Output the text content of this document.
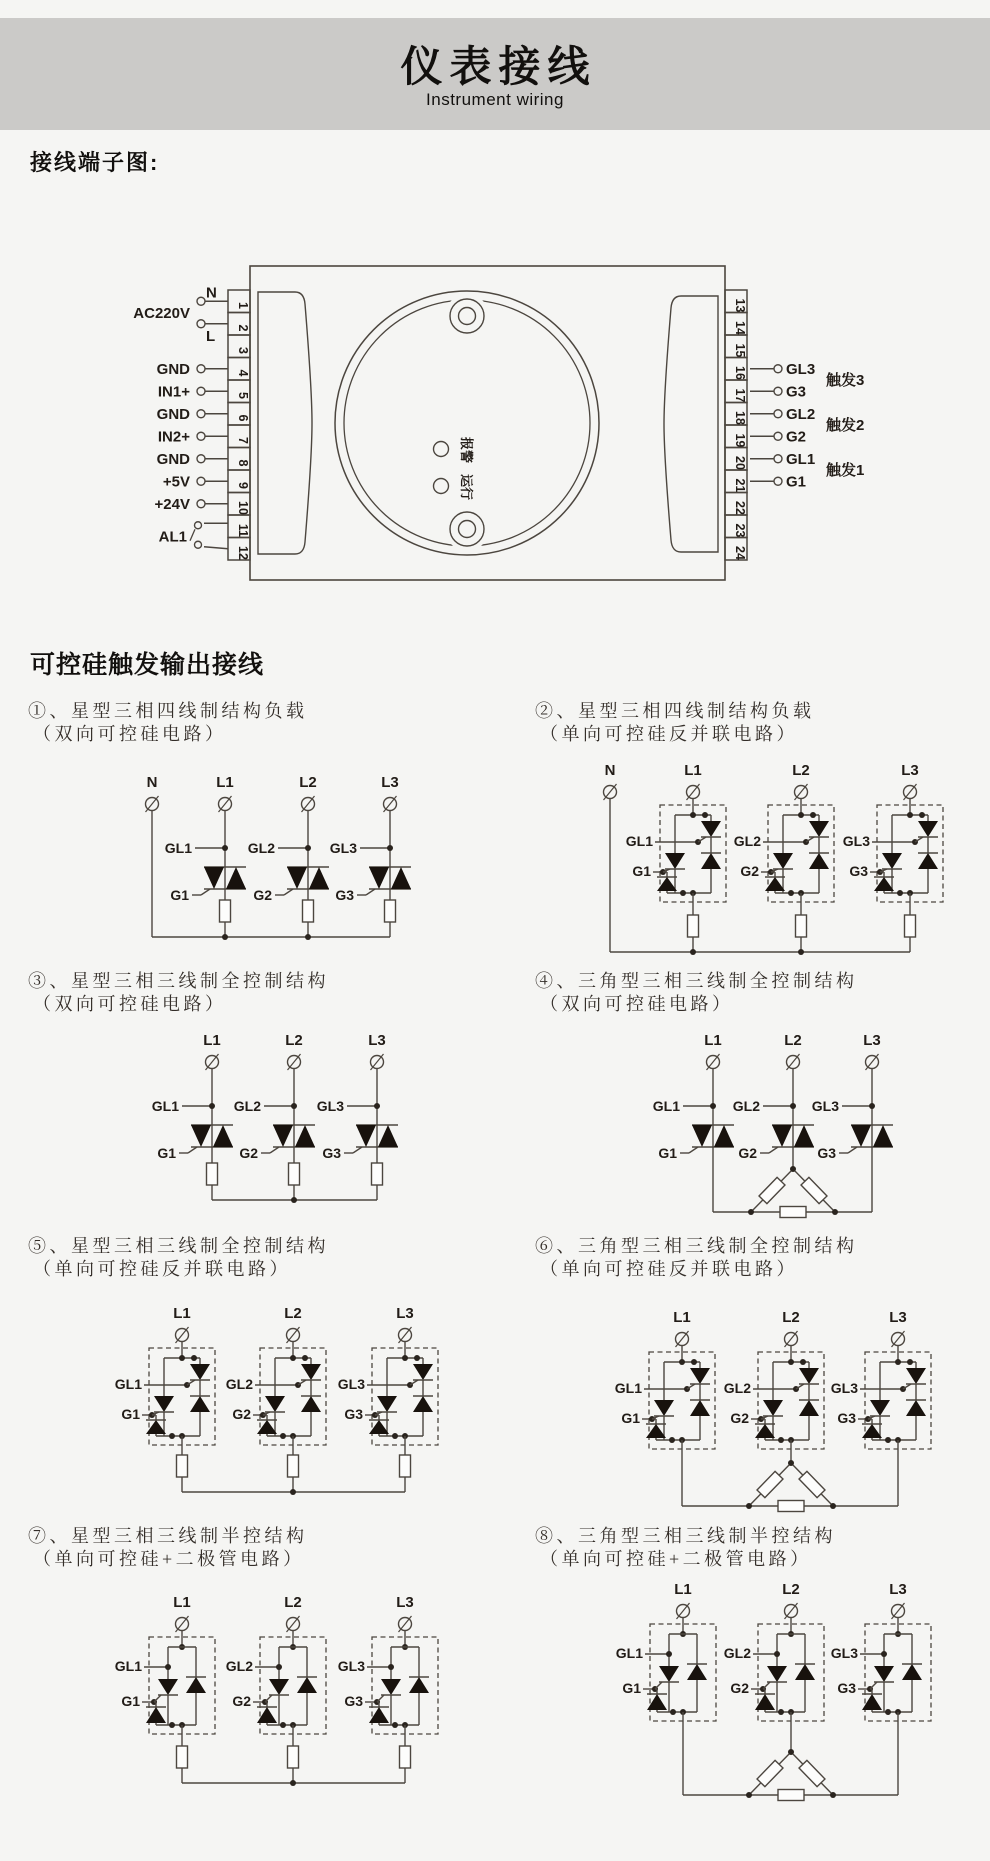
仪表接线
Instrument wiring
接线端子图:
1
2
3
4
5
6
7
8
9
10
11
12
13
14
15
16
17
18
19
20
21
22
23
24
报警
运行
N
L
GND
IN1+
GND
IN2+
GND
+5V
+24V
AC220V
AL1
GL3
G3
GL2
G2
GL1
G1
触发3
触发2
触发1
可控硅触发输出接线
①、星型三相四线制结构负载
（双向可控硅电路）
②、星型三相四线制结构负载
（单向可控硅反并联电路）
③、星型三相三线制全控制结构
（双向可控硅电路）
④、三角型三相三线制全控制结构
（双向可控硅电路）
⑤、星型三相三线制全控制结构
（单向可控硅反并联电路）
⑥、三角型三相三线制全控制结构
（单向可控硅反并联电路）
⑦、星型三相三线制半控结构
（单向可控硅+二极管电路）
⑧、三角型三相三线制半控结构
（单向可控硅+二极管电路）
N	L1	L2	L3
GL1
G1
GL2
G2
GL3
G3
N	L1	L2	L3
GL1
G1
GL2
G2
GL3
G3
L1	L2	L3
GL1
G1
GL2
G2
GL3
G3
L1	L2	L3
GL1
G1
GL2
G2
GL3
G3
L1	L2	L3
GL1
G1
GL2
G2
GL3
G3
L1	L2	L3
GL1
G1
GL2
G2
GL3
G3
L1	L2	L3
GL1
G1
GL2
G2
GL3
G3
L1	L2	L3
GL1
G1
GL2
G2
GL3
G3
